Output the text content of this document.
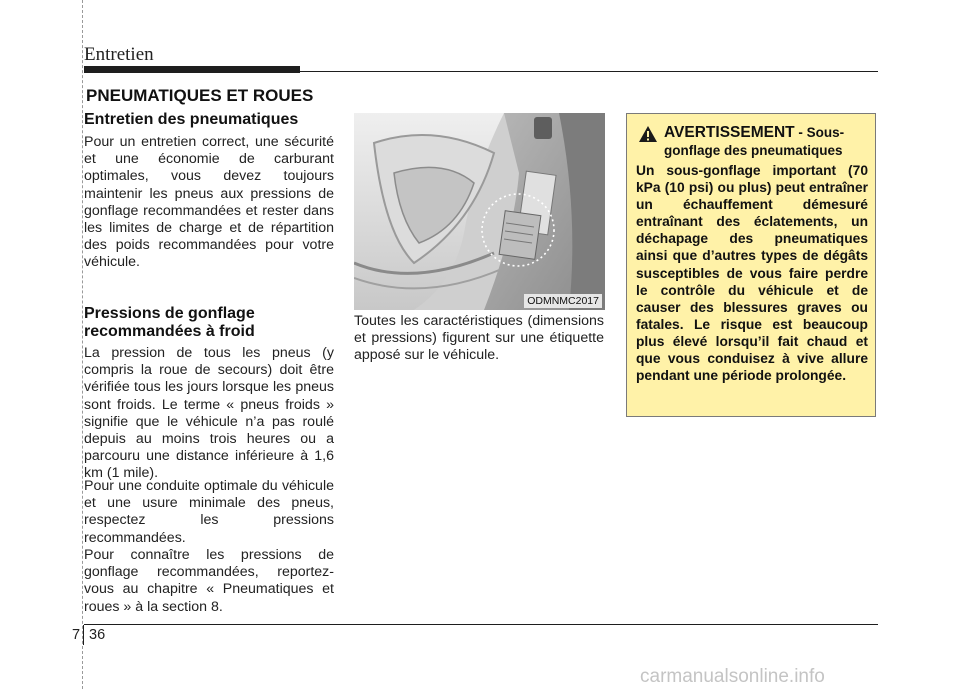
Entretien
PNEUMATIQUES ET ROUES
Entretien des pneumatiques
Pour un entretien correct, une sécurité et une économie de carburant optimales, vous devez toujours maintenir les pneus aux pressions de gonflage recommandées et rester dans les limites de charge et de répartition des poids recommandées pour votre véhicule.
Pressions de gonflage
recommandées à froid
La pression de tous les pneus (y compris la roue de secours) doit être vérifiée tous les jours lorsque les pneus sont froids. Le terme « pneus froids » signifie que le véhicule n’a pas roulé depuis au moins trois heures ou a parcouru une distance inférieure à 1,6 km (1 mile).
Pour une conduite optimale du véhicule et une usure minimale des pneus, respectez les pressions recommandées.
Pour connaître les pressions de gonflage recommandées, reportez-vous au chapitre « Pneumatiques et roues » à la section 8.
ODMNMC2017
Toutes les caractéristiques (dimensions et pressions) figurent sur une étiquette apposé sur le véhicule.
AVERTISSEMENT - Sous-
gonflage des pneumatiques
Un sous-gonflage important (70 kPa (10 psi) ou plus) peut entraîner un échauffement démesuré entraînant des éclatements, un déchapage des pneumatiques ainsi que d’autres types de dégâts susceptibles de vous faire perdre le contrôle du véhicule et de causer des blessures graves ou fatales. Le risque est beaucoup plus élevé lorsqu’il fait chaud et que vous conduisez à vive allure pendant une période prolongée.
7 36
carmanualsonline.info
